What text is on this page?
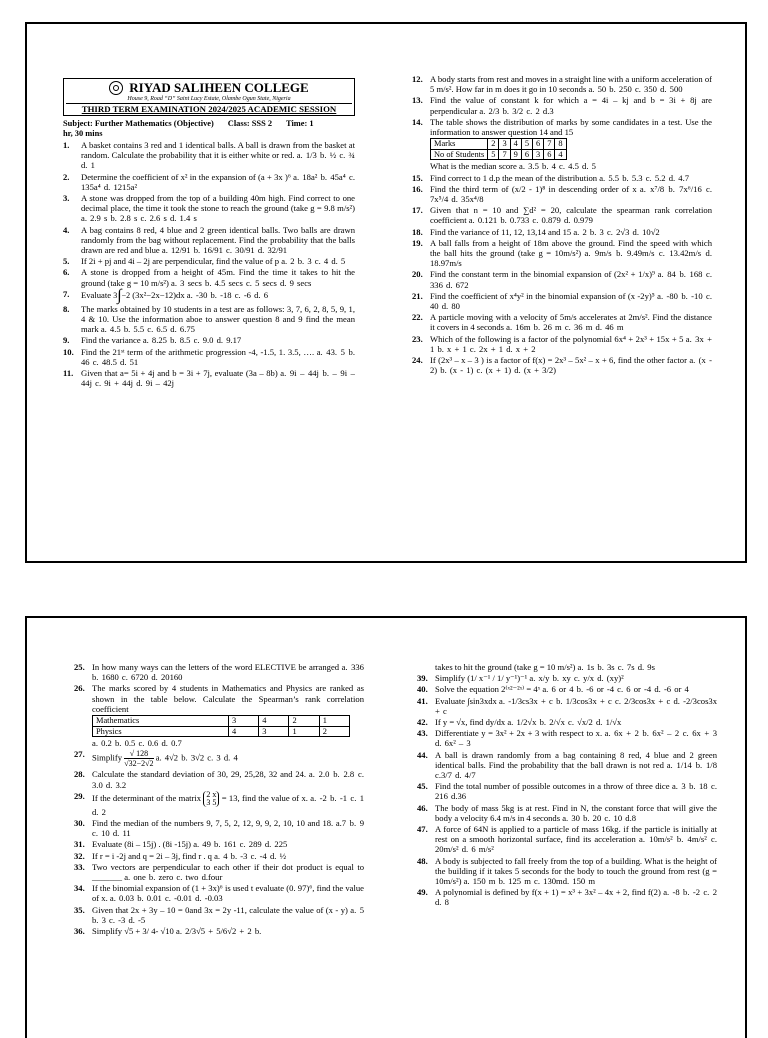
RIYAD SALIHEEN COLLEGE
House 9, Road “D” Saint Lucy Estate, Olambe Ogun State, Nigeria
THIRD TERM EXAMINATION 2024/2025 ACADEMIC SESSION
Subject: Further Mathematics (Objective) Class: SSS 2 Time: 1
hr, 30 mins
1.	A basket contains 3 red and 1 identical balls. A ball is drawn from the basket at random. Calculate the probability that it is either white or red. a. 1/3 b. ½ c. ¾ d. 1
2.	Determine the coefficient of x² in the expansion of (a + 3x )⁶ a. 18a² b. 45a⁴ c. 135a⁴ d. 1215a²
3.	A stone was dropped from the top of a building 40m high. Find correct to one decimal place, the time it took the stone to reach the ground (take g = 9.8 m/s²) a. 2.9 s b. 2.8 s c. 2.6 s d. 1.4 s
4.	A bag contains 8 red, 4 blue and 2 green identical balls. Two balls are drawn randomly from the bag without replacement. Find the probability that the balls drawn are red and blue a. 12/91 b. 16/91 c. 30/91 d. 32/91
5.	If 2i + pj and 4i – 2j are perpendicular, find the value of p a. 2 b. 3 c. 4 d. 5
6.	A stone is dropped from a height of 45m. Find the time it takes to hit the ground (take g = 10 m/s²) a. 3 secs b. 4.5 secs c. 5 secs d. 9 secs
7.	Evaluate 3∫−2 (3x²−2x−12)dx a. -30 b. -18 c. -6 d. 6
8.	The marks obtained by 10 students in a test are as follows: 3, 7, 6, 2, 8, 5, 9, 1, 4 & 10. Use the information aboe to answer question 8 and 9 find the mean mark a. 4.5 b. 5.5 c. 6.5 d. 6.75
9.	Find the variance a. 8.25 b. 8.5 c. 9.0 d. 9.17
10. Find the 21ˢᵗ term of the arithmetic progression -4, -1.5, 1. 3.5, …. a. 43. 5 b. 46 c. 48.5 d. 51
11. Given that a= 5i + 4j and b = 3i + 7j, evaluate (3a – 8b) a. 9i – 44j b. – 9i – 44j c. 9i + 44j d. 9i – 42j
12. A body starts from rest and moves in a straight line with a uniform acceleration of 5 m/s². How far in m does it go in 10 seconds a. 50 b. 250 c. 350 d. 500
13. Find the value of constant k for which a = 4i – kj and b = 3i + 8j are perpendicular a. 2/3 b. 3/2 c. 2 d.3
14. The table shows the distribution of marks by some candidates in a test. Use the information to answer question 14 and 15
Marks	2	3	4	5	6	7	8
No of Students	5	7	9	6	3	6	4
What is the median score a. 3.5 b. 4 c. 4.5 d. 5
15. Find correct to 1 d.p the mean of the distribution a. 5.5 b. 5.3 c. 5.2 d. 4.7
16. Find the third term of (x/2 - 1)⁸ in descending order of x a. x⁷/8 b. 7x⁶/16 c. 7x⁵/4 d. 35x⁴/8
17. Given that n = 10 and ∑d² = 20, calculate the spearman rank correlation coefficient a. 0.121 b. 0.733 c. 0.879 d. 0.979
18. Find the variance of 11, 12, 13,14 and 15 a. 2 b. 3 c. 2√3 d. 10√2
19. A ball falls from a height of 18m above the ground. Find the speed with which the ball hits the ground (take g = 10m/s²) a. 9m/s b. 9.49m/s c. 13.42m/s d. 18.97m/s
20. Find the constant term in the binomial expansion of (2x² + 1/x)⁹ a. 84 b. 168 c. 336 d. 672
21. Find the coefficient of x⁴y² in the binomial expansion of (x -2y)⁵ a. -80 b. -10 c. 40 d. 80
22. A particle moving with a velocity of 5m/s accelerates at 2m/s². Find the distance it covers in 4 seconds a. 16m b. 26 m c. 36 m d. 46 m
23. Which of the following is a factor of the polynomial 6x⁴ + 2x³ + 15x + 5 a. 3x + 1 b. x + 1 c. 2x + 1 d. x + 2
24. If (2x³ – x – 3 ) is a factor of f(x) = 2x³ – 5x² – x + 6, find the other factor a. (x - 2) b. (x - 1) c. (x + 1) d. (x + 3/2)
25. In how many ways can the letters of the word ELECTIVE be arranged a. 336 b. 1680 c. 6720 d. 20160
26. The marks scored by 4 students in Mathematics and Physics are ranked as shown in the table below. Calculate the Spearman’s rank correlation coefficient
Mathematics	3	4	2	1
Physics	4	3	1	2
a. 0.2 b. 0.5 c. 0.6 d. 0.7
27. Simplify $\frac{√ 128}{√32-2√2} a$. 4√2 b. 3√2 c. 3 d. 4
28. Calculate the standard deviation of 30, 29, 25,28, 32 and 24. a. 2.0 b. 2.8 c. 3.0 d. 3.2
29. If the determinant of the matrix 2 x
3 5 = 13, find the value of x. a. -2 b. -1 c. 1 d. 2
30. Find the median of the numbers 9, 7, 5, 2, 12, 9, 9, 2, 10, 10 and 18. a.7 b. 9 c. 10 d. 11
31. Evaluate (8i – 15j) . (8i -15j) a. 49 b. 161 c. 289 d. 225
32. If r = i -2j and q = 2i – 3j, find r . q a. 4 b. -3 c. -4 d. ½
33. Two vectors are perpendicular to each other if their dot product is equal to _______ a. one b. zero c. two d.four
34. If the binomial expansion of (1 + 3x)⁶ is used t evaluate (0. 97)⁶, find the value of x. a. 0.03 b. 0.01 c. -0.01 d. -0.03
35. Given that 2x + 3y – 10 = 0and 3x = 2y -11, calculate the value of (x - y) a. 5 b. 3 c. -3 d. -5
36. Simplify √5 + 3/ 4- √10 a. 2/3√5 + 5/6√2 + 2 b.
takes to hit the ground (take g = 10 m/s²) a. 1s b. 3s c. 7s d. 9s
39. Simplify (1/ x⁻¹ / 1/ y⁻¹)⁻¹ a. x/y b. xy c. y/x d. (xy)²
40. Solve the equation 2⁽ˣ²⁻²ˣ⁾ = 4ˣ a. 6 or 4 b. -6 or -4 c. 6 or -4 d. -6 or 4
41. Evaluate ∫sin3xdx a. -1/3cs3x + c b. 1/3cos3x + c c. 2/3cos3x + c d. -2/3cos3x + c
42. If y = √x, find dy/dx a. 1/2√x b. 2/√x c. √x/2 d. 1/√x
43. Differentiate y = 3x² + 2x + 3 with respect to x. a. 6x + 2 b. 6x² – 2 c. 6x + 3 d. 6x² – 3
44. A ball is drawn randomly from a bag containing 8 red, 4 blue and 2 green identical balls. Find the probability that the ball drawn is not red a. 1/14 b. 1/8 c.3/7 d. 4/7
45. Find the total number of possible outcomes in a throw of three dice a. 3 b. 18 c. 216 d.36
46. The body of mass 5kg is at rest. Find in N, the constant force that will give the body a velocity 6.4 m/s in 4 seconds a. 30 b. 20 c. 10 d.8
47. A force of 64N is applied to a particle of mass 16kg. if the particle is initially at rest on a smooth horizontal surface, find its acceleration a. 10m/s² b. 4m/s² c. 20m/s² d. 6 m/s²
48. A body is subjected to fall freely from the top of a building. What is the height of the building if it takes 5 seconds for the body to touch the ground from rest (g = 10m/s²) a. 150 m b. 125 m c. 130md. 150 m
49. A polynomial is defined by f(x + 1) = x³ + 3x² – 4x + 2, find f(2) a. -8 b. -2 c. 2 d. 8
